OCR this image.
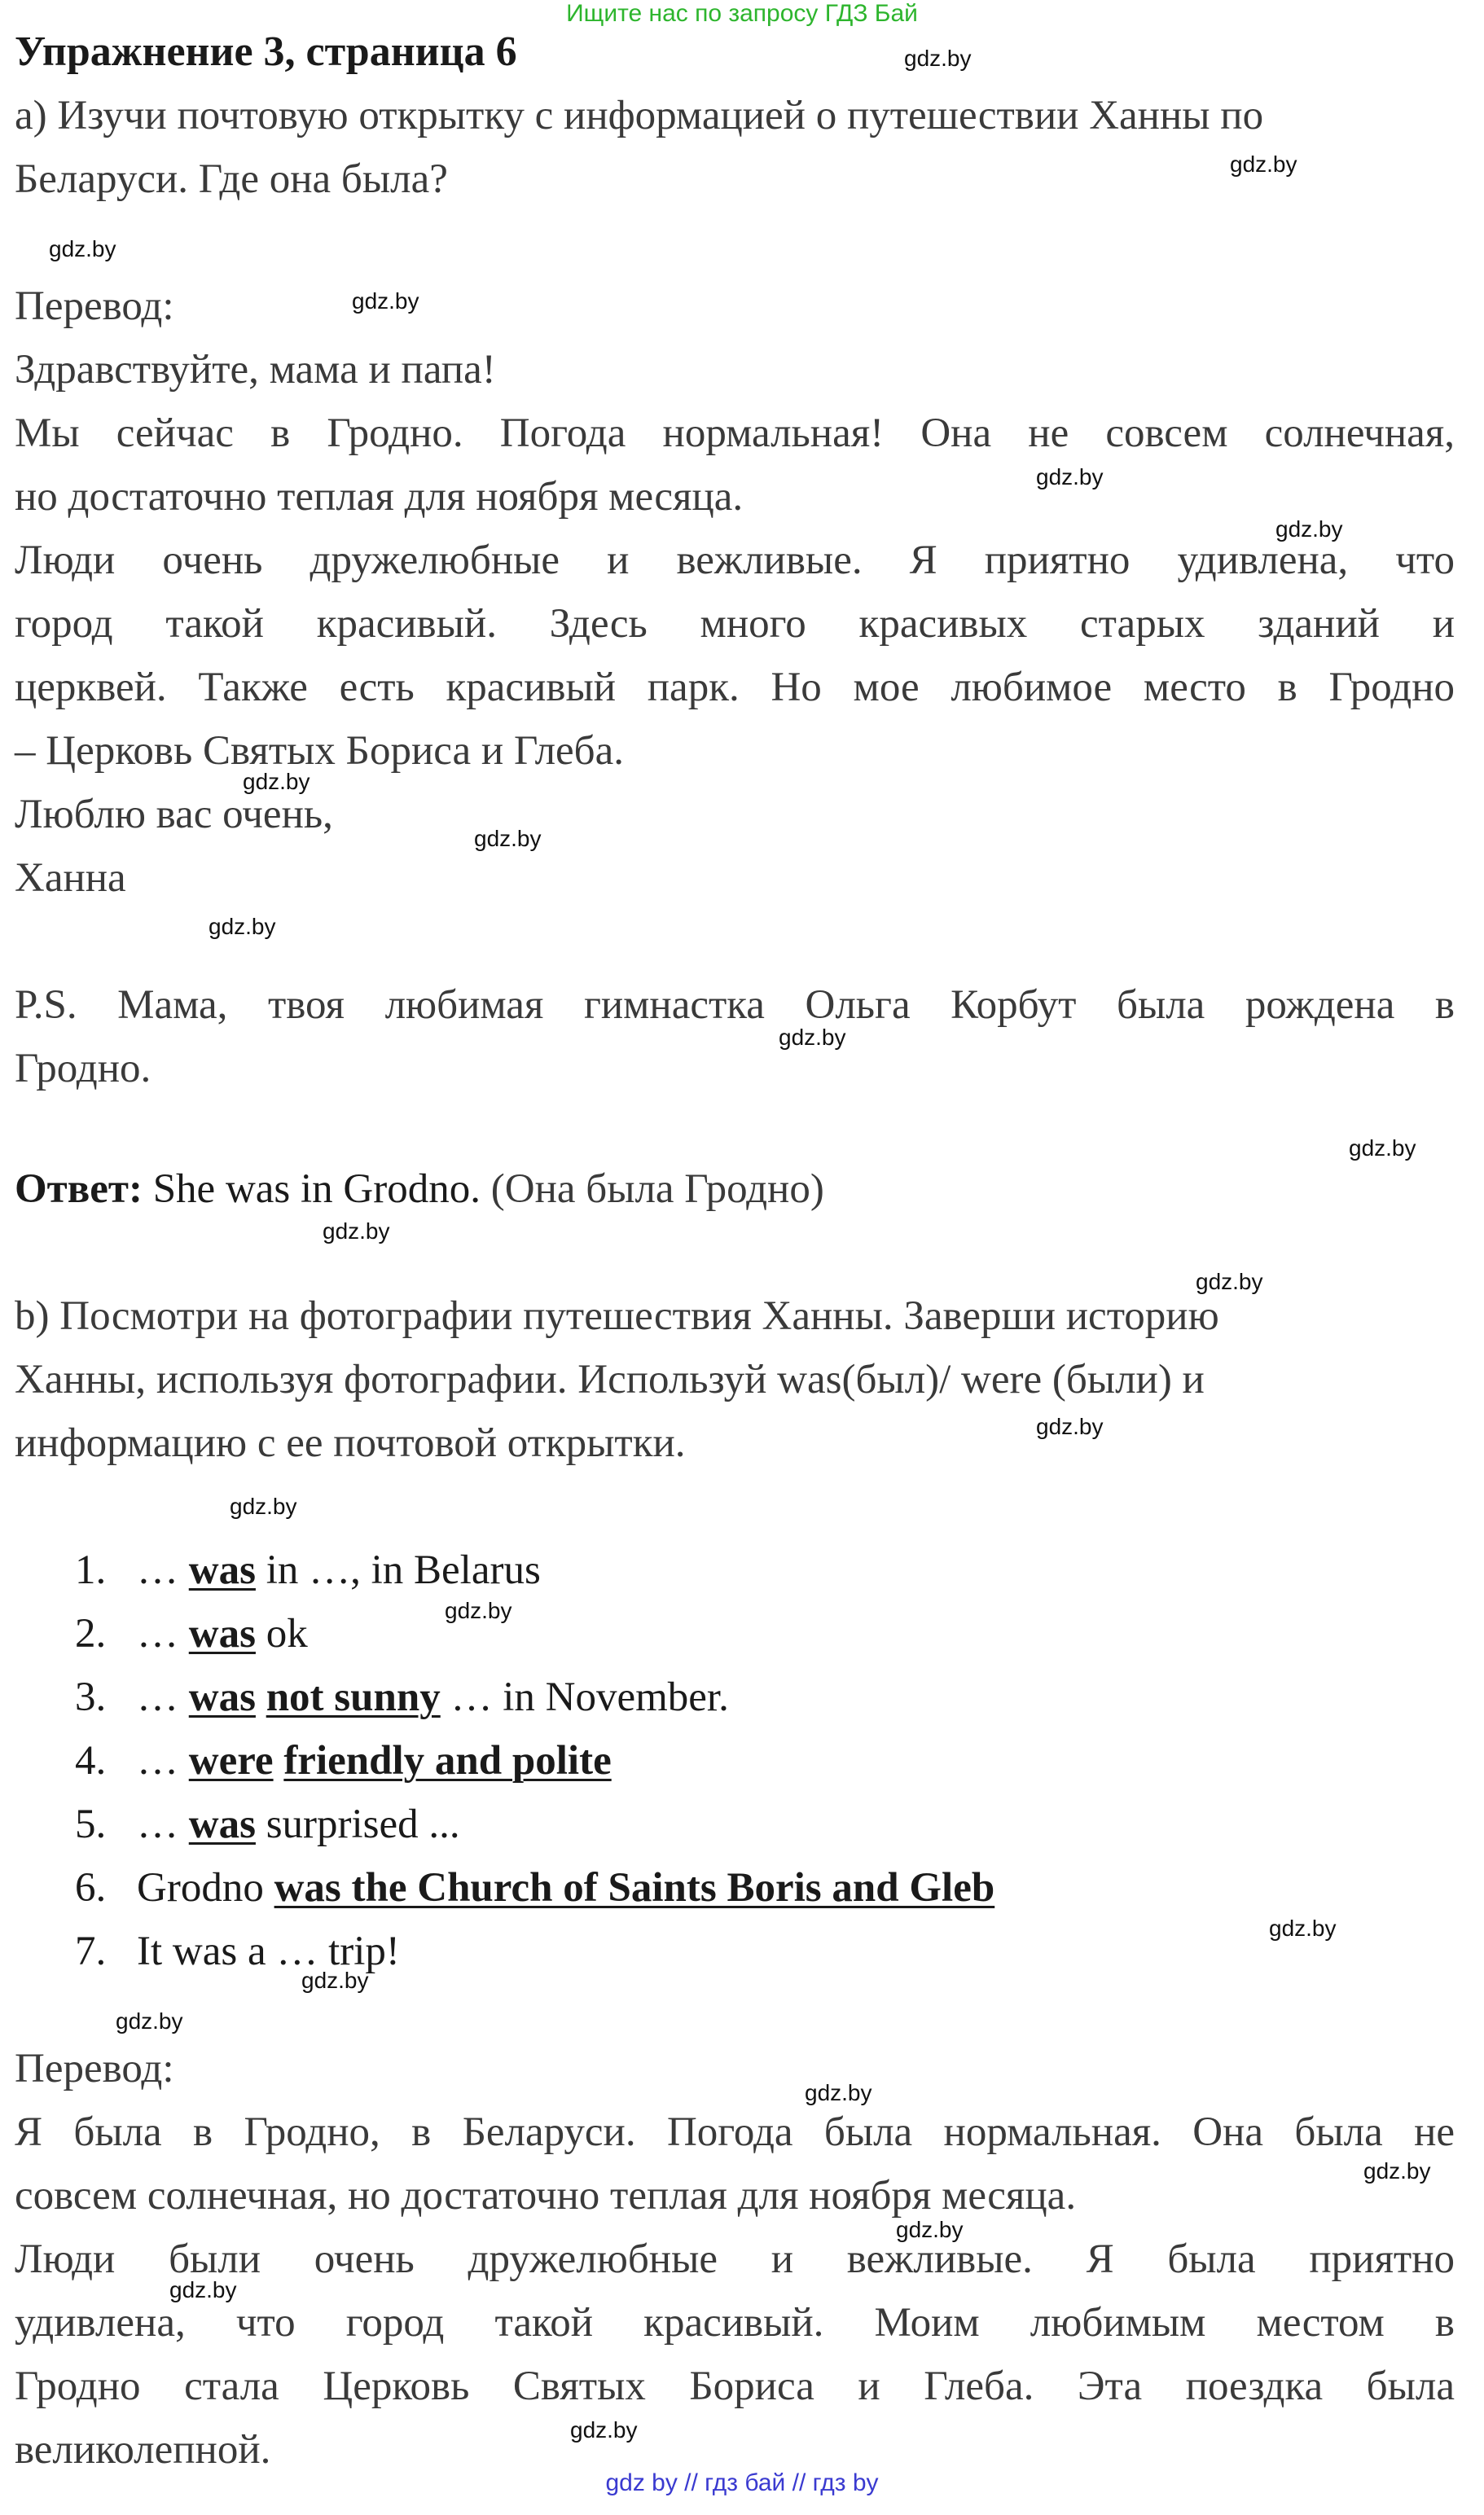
Ищите нас по запросу ГДЗ Бай
Упражнение 3, страница 6
a) Изучи почтовую открытку с информацией о путешествии Ханны по
Беларуси. Где она была?
Перевод:
Здравствуйте, мама и папа!
Мы сейчас в Гродно. Погода нормальная! Она не совсем солнечная,
но достаточно теплая для ноября месяца.
Люди очень дружелюбные и вежливые. Я приятно удивлена, что
город такой красивый. Здесь много красивых старых зданий и
церквей. Также есть красивый парк. Но мое любимое место в Гродно
– Церковь Святых Бориса и Глеба.
Люблю вас очень,
Ханна
P.S. Мама, твоя любимая гимнастка Ольга Корбут была рождена в
Гродно.
Ответ: She was in Grodno. (Она была Гродно)
b) Посмотри на фотографии путешествия Ханны. Заверши историю
Ханны, используя фотографии. Используй was(был)/ were (были) и
информацию с ее почтовой открытки.
1. … was in …, in Belarus
2. … was ok
3. … was not sunny … in November.
4. … were friendly and polite
5. … was surprised ...
6. Grodno was the Church of Saints Boris and Gleb
7. It was a … trip!
Перевод:
Я была в Гродно, в Беларуси. Погода была нормальная. Она была не
совсем солнечная, но достаточно теплая для ноября месяца.
Люди были очень дружелюбные и вежливые. Я была приятно
удивлена, что город такой красивый. Моим любимым местом в
Гродно стала Церковь Святых Бориса и Глеба. Эта поездка была
великолепной.
gdz.by
gdz.by
gdz.by
gdz.by
gdz.by
gdz.by
gdz.by
gdz.by
gdz.by
gdz.by
gdz.by
gdz.by
gdz.by
gdz.by
gdz.by
gdz.by
gdz.by
gdz.by
gdz.by
gdz.by
gdz.by
gdz.by
gdz.by
gdz.by
gdz by // гдз бай // гдз by
